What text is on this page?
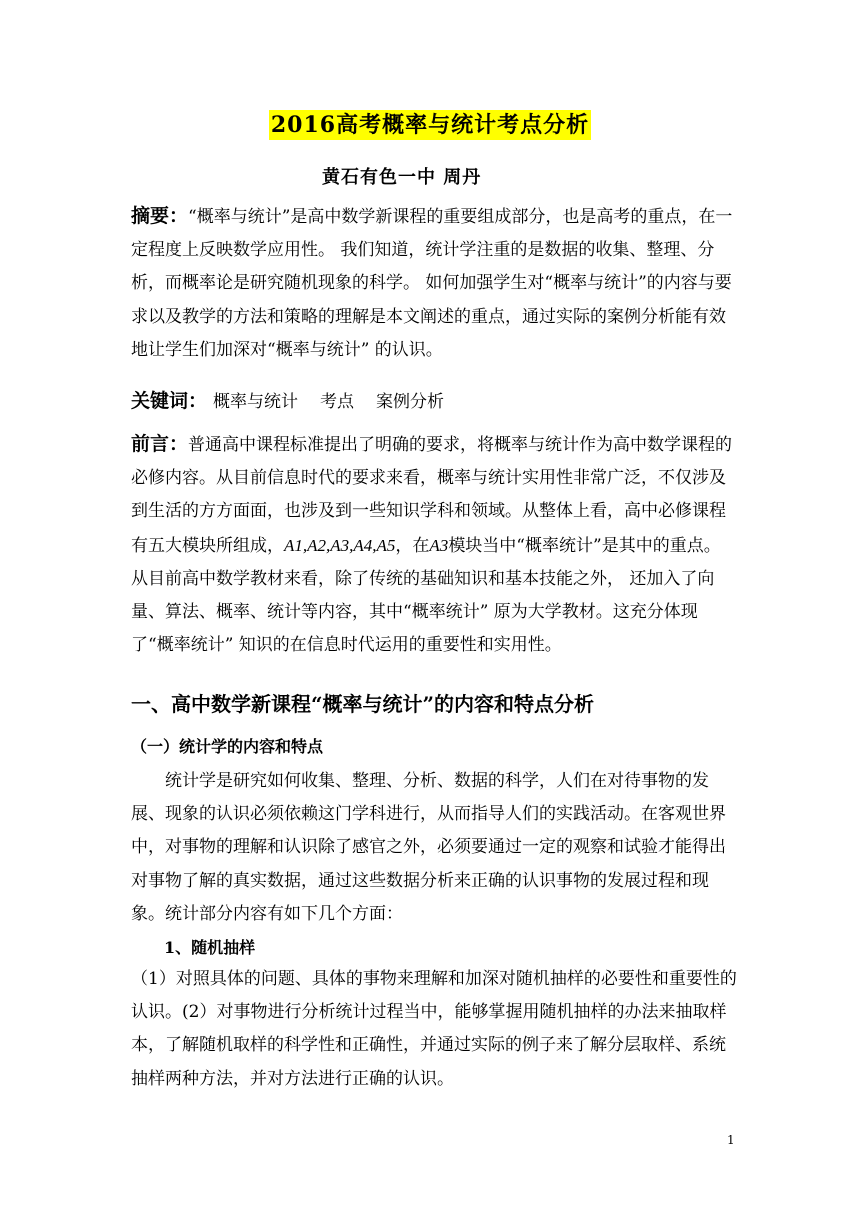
2016高考概率与统计考点分析
黄石有色一中 周丹
摘要：“概率与统计”是高中数学新课程的重要组成部分，也是高考的重点，在一定程度上反映数学应用性。 我们知道，统计学注重的是数据的收集、整理、分析，而概率论是研究随机现象的科学。 如何加强学生对“概率与统计”的内容与要求以及教学的方法和策略的理解是本文阐述的重点，通过实际的案例分析能有效地让学生们加深对“概率与统计” 的认识。
关键词： 概率与统计 考点 案例分析
前言：普通高中课程标准提出了明确的要求，将概率与统计作为高中数学课程的必修内容。从目前信息时代的要求来看，概率与统计实用性非常广泛，不仅涉及到生活的方方面面，也涉及到一些知识学科和领域。从整体上看，高中必修课程有五大模块所组成，A1,A2,A3,A4,A5，在A3模块当中“概率统计”是其中的重点。从目前高中数学教材来看，除了传统的基础知识和基本技能之外， 还加入了向量、算法、概率、统计等内容，其中“概率统计” 原为大学教材。这充分体现了“概率统计” 知识的在信息时代运用的重要性和实用性。
一、高中数学新课程“概率与统计”的内容和特点分析
（一）统计学的内容和特点
统计学是研究如何收集、整理、分析、数据的科学，人们在对待事物的发展、现象的认识必须依赖这门学科进行，从而指导人们的实践活动。在客观世界中，对事物的理解和认识除了感官之外，必须要通过一定的观察和试验才能得出对事物了解的真实数据，通过这些数据分析来正确的认识事物的发展过程和现象。统计部分内容有如下几个方面：
1、随机抽样
（1）对照具体的问题、具体的事物来理解和加深对随机抽样的必要性和重要性的认识。(2）对事物进行分析统计过程当中，能够掌握用随机抽样的办法来抽取样本，了解随机取样的科学性和正确性，并通过实际的例子来了解分层取样、系统抽样两种方法，并对方法进行正确的认识。
1
